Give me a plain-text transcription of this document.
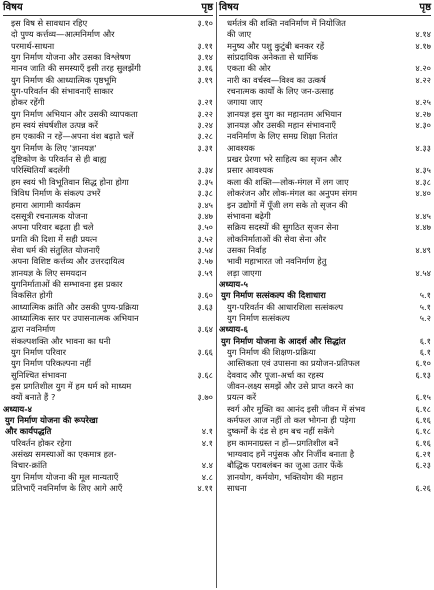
विषय	पृष्ठ
इस विष से सावधान रहिए	३.१०
दो पुण्य कर्त्तव्य—आत्मनिर्माण और
परमार्थ-साधना	३.११
युग निर्माण योजना और उसका विश्लेषण	३.१४
मानव जाति की समस्याएँ इसी तरह सुलझेंगी	३.१६
युग निर्माण की आध्यात्मिक पृष्ठभूमि	३.१९
युग-परिवर्तन की संभावनाएँ साकार
होकर रहेंगी	३.२१
युग निर्माण अभियान और उसकी व्यापकता	३.२२
हम स्वयं संघर्षशील उत्पन्न करें	३.२४
हम एकाकी न रहें—अपना वंश बढ़ाते चलें	३.२८
युग निर्माण के लिए 'ज्ञानयज्ञ'	३.३१
दृष्टिकोण के परिवर्तन से ही बाह्य
परिस्थितियाँ बदलेंगी	३.३४
हम स्वयं भी विभूतिवान सिद्ध होना होगा	३.३५
त्रिविध निर्माण के संकल्प उभरें	३.३८
हमारा आगामी कार्यक्रम	३.४५
दससूत्री रचनात्मक योजना	३.४७
अपना परिवार बढ़ता ही चले	३.५०
प्रगति की दिशा में सही प्रयत्न	३.५२
सेवा धर्म की संतुलित योजनाएँ	३.५४
अपना विशिष्ट कर्त्तव्य और उत्तरदायित्व	३.५७
ज्ञानयज्ञ के लिए समयदान	३.५९
युगनिर्माताओं की सम्भावना इस प्रकार
विकसित होगी	३.६०
आध्यात्मिक क्रांति और उसकी पुण्य-प्रक्रिया	३.६३
आध्यात्मिक स्तर पर उपासनात्मक अभियान
द्वारा नवनिर्माण	३.६४
संकल्पशक्ति और भावना का धनी
युग निर्माण परिवार	३.६६
युग निर्माण परिकल्पना नहीं
सुनिश्चित संभावना	३.६८
इस प्रगतिशील युग में हम धर्म को माध्यम
क्यों बनाते हैं ?	३.७०
अध्याय-४
युग निर्माण योजना की रूपरेखा
और कार्यपद्धति	४.१
परिवर्तन होकर रहेगा	४.१
असंख्य समस्याओं का एकमात्र हल-
विचार-क्रांति	४.४
युग निर्माण योजना की मूल मान्यताएँ	४.८
प्रतिभाएँ नवनिर्माण के लिए आगे आएँ	४.११
विषय	पृष्ठ
धर्मतंत्र की शक्ति नवनिर्माण में नियोजित
की जाए	४.१४
मनुष्य और पशु कुटुंबी बनकर रहें	४.१७
सांप्रदायिक अनेकता से धार्मिक
एकता की ओर	४.२०
नारी का वर्चस्व—विश्व का उत्कर्ष	४.२२
रचनात्मक कार्यों के लिए जन-उत्साह
जगाया जाए	४.२५
ज्ञानयज्ञ इस युग का महानतम अभियान	४.२७
ज्ञानयज्ञ और उसकी महान संभावनाएँ	४.३०
नवनिर्माण के लिए समग्र शिक्षा नितांत
आवश्यक	४.३३
प्रखर प्रेरणा भरे साहित्य का सृजन और
प्रसार आवश्यक	४.३५
कला की शक्ति—लोक-मंगल में लग जाए	४.३८
लोकरंजन और लोक-मंगल का अनुपम संगम	४.४०
इन उद्योगों में पूँजी लग सके तो सृजन की
संभावना बढ़ेगी	४.४५
सक्रिय सदस्यों की सुगठित सृजन सेना	४.४७
लोकनिर्माताओं की सेवा सेना और
उसका निर्वाह	४.४९
भावी महाभारत जो नवनिर्माण हेतु
लड़ा जाएगा	४.५४
अध्याय-५
युग निर्माण सत्संकल्प की दिशाधारा	५.१
युग-परिवर्तन की आधारशिला सत्संकल्प	५.१
युग निर्माण सत्संकल्प	५.२
अध्याय-६
युग निर्माण योजना के आदर्श और सिद्धांत	६.१
युग निर्माण की शिक्षण-प्रक्रिया	६.१
आस्तिकता एवं उपासना का प्रयोजन-प्रतिफल	६.१०
देववाद और पूजा-अर्चा का रहस्य	६.१३
जीवन-लक्ष्य समझें और उसे प्राप्त करने का
प्रयत्न करें	६.१५
स्वर्ग और मुक्ति का आनंद इसी जीवन में संभव	६.१८
कर्मफल आज नहीं तो कल भोगना ही पड़ेगा	६.१६
दुष्कर्मों के दंड से हम बच नहीं सकेंगे	६.१८
हम कामनाग्रस्त न हों—प्रगतिशील बनें	६.१६
भाग्यवाद हमें नपुंसक और निर्जीव बनाता है	६.२१
बौद्धिक पराबलंबन का जुआ उतार फेंकें	६.२३
ज्ञानयोग, कर्मयोग, भक्तियोग की महान
साधना	६.२६
